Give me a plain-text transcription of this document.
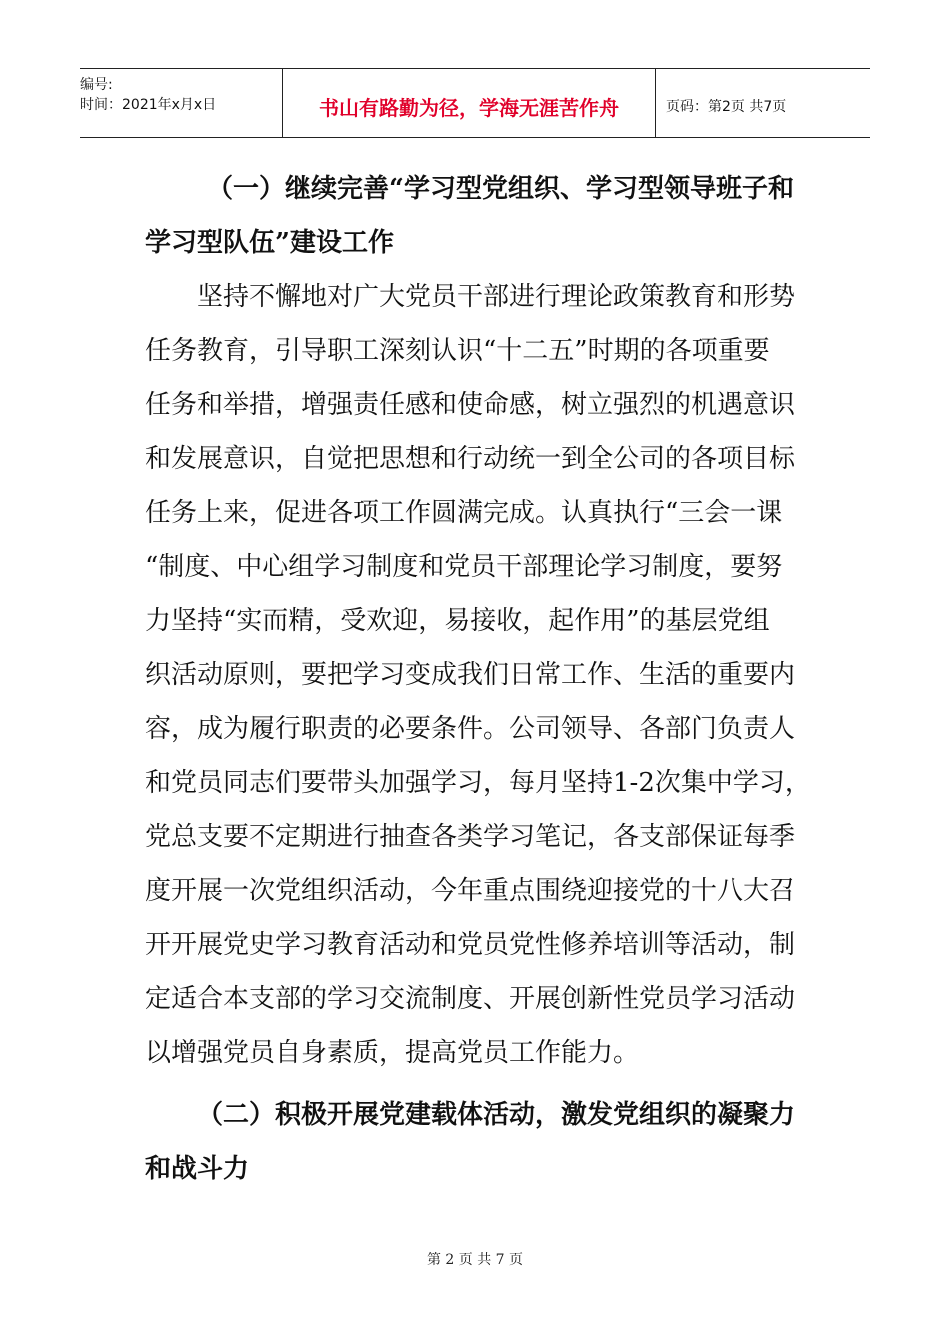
编号:
时间：2021年x月x日	书山有路勤为径，学海无涯苦作舟	页码：第2页 共7页

（一）继续完善“学习型党组织、学习型领导班子和

学习型队伍”建设工作

坚持不懈地对广大党员干部进行理论政策教育和形势

任务教育，引导职工深刻认识“十二五”时期的各项重要

任务和举措，增强责任感和使命感，树立强烈的机遇意识

和发展意识，自觉把思想和行动统一到全公司的各项目标

任务上来，促进各项工作圆满完成。认真执行“三会一课

“制度、中心组学习制度和党员干部理论学习制度，要努

力坚持“实而精，受欢迎，易接收，起作用”的基层党组

织活动原则，要把学习变成我们日常工作、生活的重要内

容，成为履行职责的必要条件。公司领导、各部门负责人

和党员同志们要带头加强学习，每月坚持1-2次集中学习，

党总支要不定期进行抽查各类学习笔记，各支部保证每季

度开展一次党组织活动，今年重点围绕迎接党的十八大召

开开展党史学习教育活动和党员党性修养培训等活动，制

定适合本支部的学习交流制度、开展创新性党员学习活动

以增强党员自身素质，提高党员工作能力。

（二）积极开展党建载体活动，激发党组织的凝聚力

和战斗力

第 2 页 共 7 页
